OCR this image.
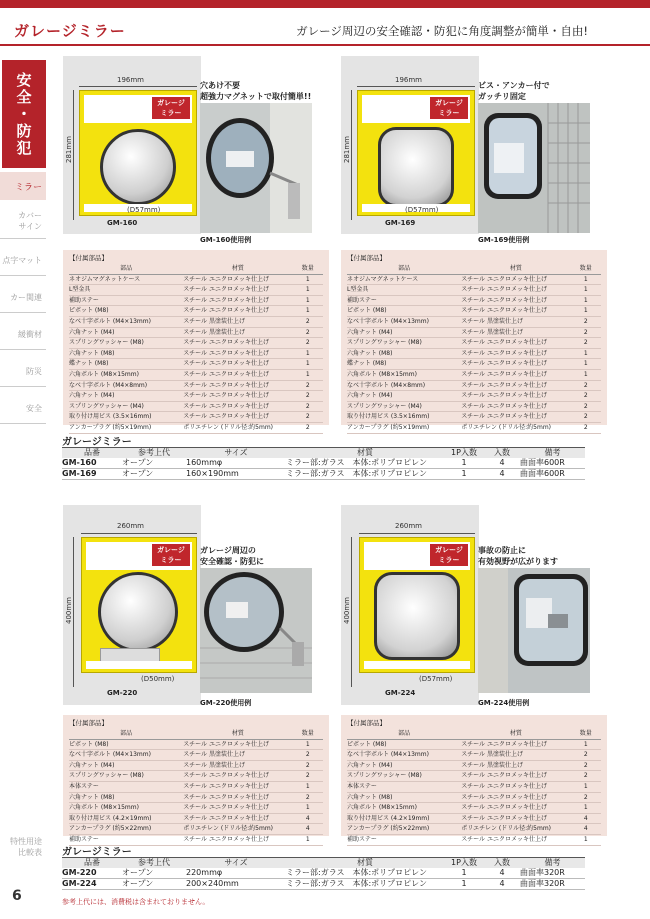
ガレージミラー	ガレージ周辺の安全確認・防犯に角度調整が簡単・自由!
安全・防犯
ミラー
カバー
サイン
点字マット
カー関連
緩衝材
防災
安全
特性用途
比較表
6
196mm
281mm
ガレージ
ミラー
(D57mm)
GM-160
穴あけ不要
超強力マグネットで取付簡単!!
GM-160使用例
196mm
281mm
ガレージ
ミラー
(D57mm)
GM-169
ビス・アンカー付で
ガッチリ固定
GM-169使用例
【付属部品】
部品	材質	数量
ネオジムマグネットケース	スチール ユニクロメッキ仕上げ	1
L型金具	スチール ユニクロメッキ仕上げ	1
補助ステー	スチール ユニクロメッキ仕上げ	1
ピボット (M8)	スチール ユニクロメッキ仕上げ	1
なべ十字ボルト (M4×13mm)	スチール 黒塗装仕上げ	2
六角ナット (M4)	スチール 黒塗装仕上げ	2
スプリングワッシャー (M8)	スチール ユニクロメッキ仕上げ	2
六角ナット (M8)	スチール ユニクロメッキ仕上げ	1
蝶ナット (M8)	スチール ユニクロメッキ仕上げ	1
六角ボルト (M8×15mm)	スチール ユニクロメッキ仕上げ	1
なべ十字ボルト (M4×8mm)	スチール ユニクロメッキ仕上げ	2
六角ナット (M4)	スチール ユニクロメッキ仕上げ	2
スプリングワッシャー (M4)	スチール ユニクロメッキ仕上げ	2
取り付け用ビス (3.5×16mm)	スチール ユニクロメッキ仕上げ	2
アンカープラグ (約5×19mm)	ポリエチレン (ドリル径:約5mm)	2
【付属部品】
部品	材質	数量
ネオジムマグネットケース	スチール ユニクロメッキ仕上げ	1
L型金具	スチール ユニクロメッキ仕上げ	1
補助ステー	スチール ユニクロメッキ仕上げ	1
ピボット (M8)	スチール ユニクロメッキ仕上げ	1
なべ十字ボルト (M4×13mm)	スチール 黒塗装仕上げ	2
六角ナット (M4)	スチール 黒塗装仕上げ	2
スプリングワッシャー (M8)	スチール ユニクロメッキ仕上げ	2
六角ナット (M8)	スチール ユニクロメッキ仕上げ	1
蝶ナット (M8)	スチール ユニクロメッキ仕上げ	1
六角ボルト (M8×15mm)	スチール ユニクロメッキ仕上げ	1
なべ十字ボルト (M4×8mm)	スチール ユニクロメッキ仕上げ	2
六角ナット (M4)	スチール ユニクロメッキ仕上げ	2
スプリングワッシャー (M4)	スチール ユニクロメッキ仕上げ	2
取り付け用ビス (3.5×16mm)	スチール ユニクロメッキ仕上げ	2
アンカープラグ (約5×19mm)	ポリエチレン (ドリル径:約5mm)	2
ガレージミラー
品番	参考上代	サイズ	材質	1P入数	入数	備考
GM-160	オープン	160mmφ	ミラー部:ガラス　本体:ポリプロピレン	1	4	曲面率600R
GM-169	オープン	160×190mm	ミラー部:ガラス　本体:ポリプロピレン	1	4	曲面率600R
260mm
400mm
ガレージ
ミラー
(D50mm)
GM-220
ガレージ周辺の
安全確認・防犯に
GM-220使用例
260mm
400mm
ガレージ
ミラー
(D57mm)
GM-224
事故の防止に
有効視野が広がります
GM-224使用例
【付属部品】
部品	材質	数量
ピボット (M8)	スチール ユニクロメッキ仕上げ	1
なべ十字ボルト (M4×13mm)	スチール 黒塗装仕上げ	2
六角ナット (M4)	スチール 黒塗装仕上げ	2
スプリングワッシャー (M8)	スチール ユニクロメッキ仕上げ	2
本体ステー	スチール ユニクロメッキ仕上げ	1
六角ナット (M8)	スチール ユニクロメッキ仕上げ	2
六角ボルト (M8×15mm)	スチール ユニクロメッキ仕上げ	1
取り付け用ビス (4.2×19mm)	スチール ユニクロメッキ仕上げ	4
アンカープラグ (約5×22mm)	ポリエチレン (ドリル径:約5mm)	4
補助ステー	スチール ユニクロメッキ仕上げ	1
【付属部品】
部品	材質	数量
ピボット (M8)	スチール ユニクロメッキ仕上げ	1
なべ十字ボルト (M4×13mm)	スチール 黒塗装仕上げ	2
六角ナット (M4)	スチール 黒塗装仕上げ	2
スプリングワッシャー (M8)	スチール ユニクロメッキ仕上げ	2
本体ステー	スチール ユニクロメッキ仕上げ	1
六角ナット (M8)	スチール ユニクロメッキ仕上げ	2
六角ボルト (M8×15mm)	スチール ユニクロメッキ仕上げ	1
取り付け用ビス (4.2×19mm)	スチール ユニクロメッキ仕上げ	4
アンカープラグ (約5×22mm)	ポリエチレン (ドリル径:約5mm)	4
補助ステー	スチール ユニクロメッキ仕上げ	1
ガレージミラー
品番	参考上代	サイズ	材質	1P入数	入数	備考
GM-220	オープン	220mmφ	ミラー部:ガラス　本体:ポリプロピレン	1	4	曲面率320R
GM-224	オープン	200×240mm	ミラー部:ガラス　本体:ポリプロピレン	1	4	曲面率320R
参考上代には、消費税は含まれておりません。
